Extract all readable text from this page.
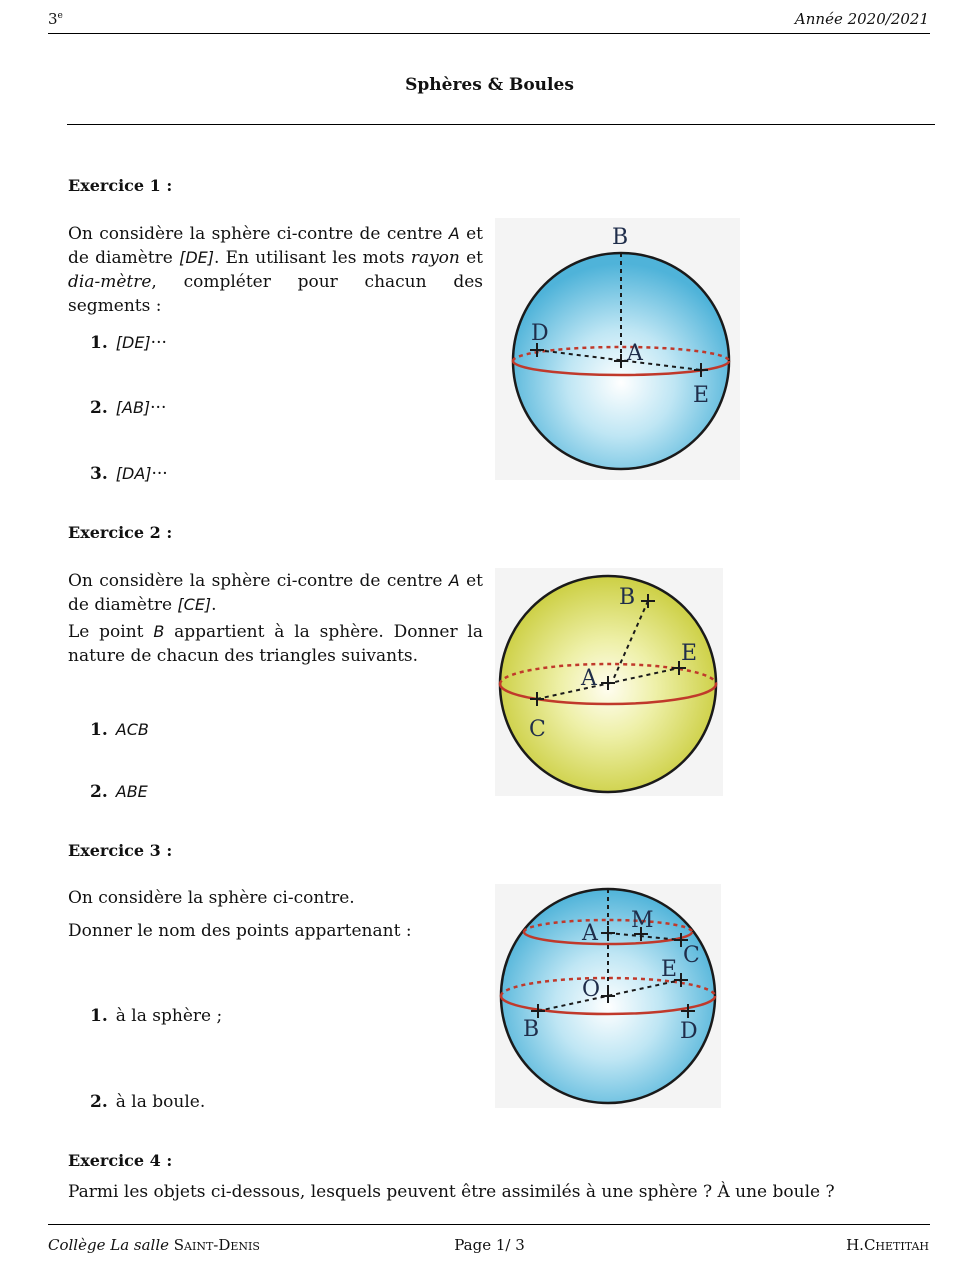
3e	Année 2020/2021
Sphères & Boules
Exercice 1 :
On considère la sphère ci-contre de centre A et de diamètre [DE]. En utilisant les mots rayon et dia-mètre, compléter pour chacun des segments :
1. [DE]···
2. [AB]···
3. [DA]···
B
D
A
E
Exercice 2 :
On considère la sphère ci-contre de centre A et de diamètre [CE].
Le point B appartient à la sphère. Donner la nature de chacun des triangles suivants.
1. ACB
2. ABE
B
E
A
C
Exercice 3 :
On considère la sphère ci-contre.
Donner le nom des points appartenant :
1. à la sphère ;
2. à la boule.
M
A
C
E
O
B	D
Exercice 4 :
Parmi les objets ci-dessous, lesquels peuvent être assimilés à une sphère ? À une boule ?
Collège La salle Saint-Denis	Page 1/ 3	H.Chetitah
